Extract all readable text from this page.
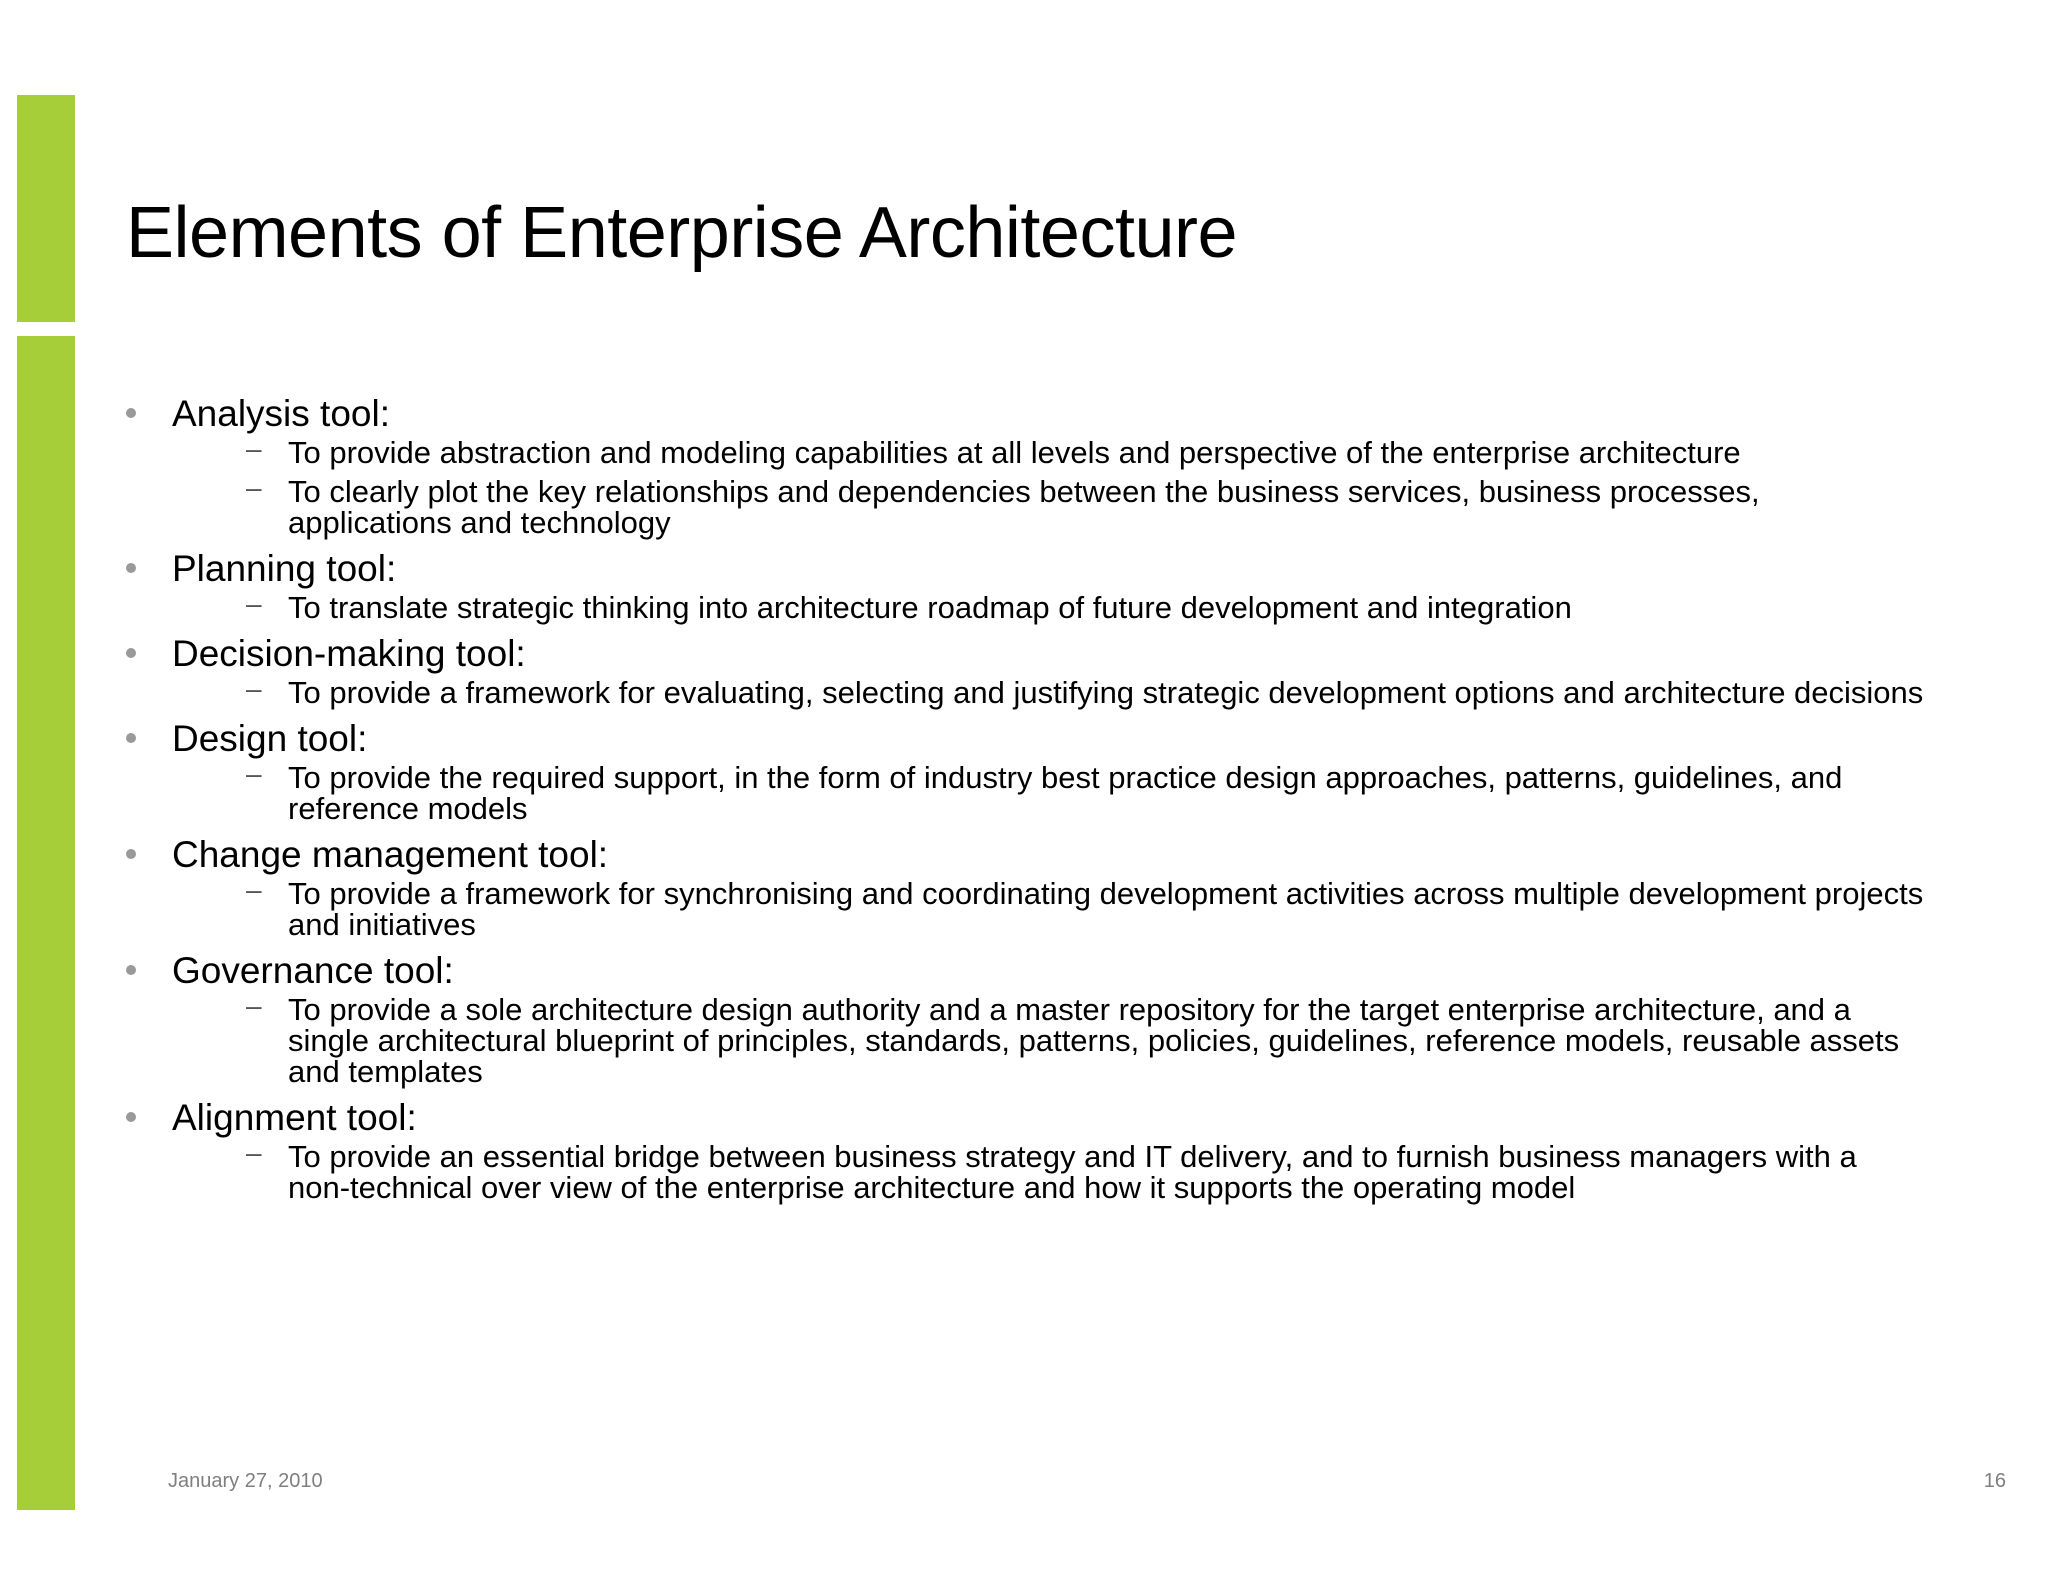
Elements of Enterprise Architecture
Analysis tool:
– To provide abstraction and modeling capabilities at all levels and perspective of the enterprise architecture
– To clearly plot the key relationships and dependencies between the business services, business processes, applications and technology
Planning tool:
– To translate strategic thinking into architecture roadmap of future development and integration
Decision-making tool:
– To provide a framework for evaluating, selecting and justifying strategic development options and architecture decisions
Design tool:
– To provide the required support, in the form of industry best practice design approaches, patterns, guidelines, and reference models
Change management tool:
– To provide a framework for synchronising and coordinating development activities across multiple development projects and initiatives
Governance tool:
– To provide a sole architecture design authority and a master repository for the target enterprise architecture, and a single architectural blueprint of principles, standards, patterns, policies, guidelines, reference models, reusable assets and templates
Alignment tool:
– To provide an essential bridge between business strategy and IT delivery, and to furnish business managers with a non-technical over view of the enterprise architecture and how it supports the operating model
January 27, 2010	16
